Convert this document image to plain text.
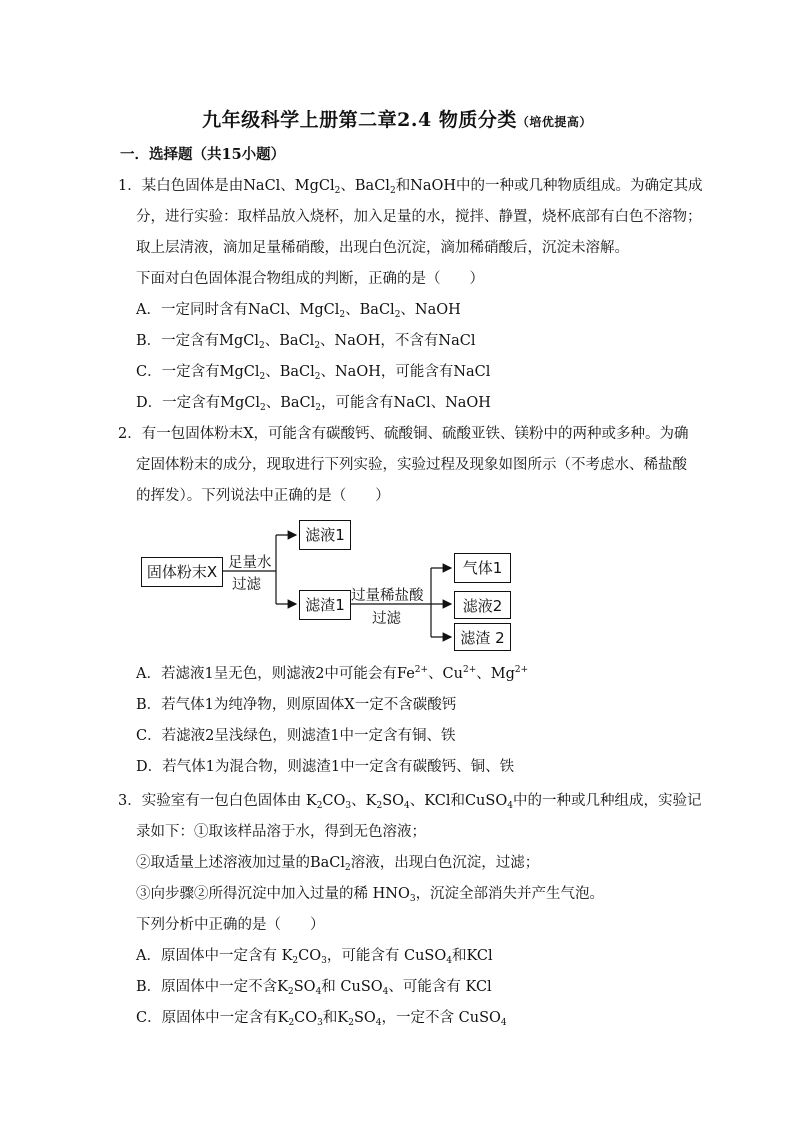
九年级科学上册第二章2.4 物质分类（培优提高）
一．选择题（共15小题）
1．某白色固体是由NaCl、MgCl$_2$、BaCl$_2$和NaOH中的一种或几种物质组成。为确定其成
分，进行实验：取样品放入烧杯，加入足量的水，搅拌、静置，烧杯底部有白色不溶物；
取上层清液，滴加足量稀硝酸，出现白色沉淀，滴加稀硝酸后，沉淀未溶解。
下面对白色固体混合物组成的判断，正确的是（　　）
A．一定同时含有NaCl、MgCl$_2$、BaCl$_2$、NaOH
B．一定含有MgCl$_2$、BaCl$_2$、NaOH，不含有NaCl
C．一定含有MgCl$_2$、BaCl$_2$、NaOH，可能含有NaCl
D．一定含有MgCl$_2$、BaCl$_2$，可能含有NaCl、NaOH
2．有一包固体粉末X，可能含有碳酸钙、硫酸铜、硫酸亚铁、镁粉中的两种或多种。为确
定固体粉末的成分，现取进行下列实验，实验过程及现象如图所示（不考虑水、稀盐酸
的挥发）。下列说法中正确的是（　　）
固体粉末X
滤液1
滤渣1
气体1
滤液2
滤渣 2
足量水
过滤
过量稀盐酸
过滤
A．若滤液1呈无色，则滤液2中可能会有$Fe^{2+}$、$Cu^{2+}$、$Mg^{2+}$
B．若气体1为纯净物，则原固体X一定不含碳酸钙
C．若滤液2呈浅绿色，则滤渣1中一定含有铜、铁
D．若气体1为混合物，则滤渣1中一定含有碳酸钙、铜、铁
3．实验室有一包白色固体由 $K_2CO_3$、$K_2SO_4$、KCl和CuSO$_4$中的一种或几种组成，实验记
录如下：①取该样品溶于水，得到无色溶液；
②取适量上述溶液加过量的BaCl$_2$溶液，出现白色沉淀，过滤；
③向步骤②所得沉淀中加入过量的稀 $HNO_3$，沉淀全部消失并产生气泡。
下列分析中正确的是（　　）
A．原固体中一定含有 $K_2CO_3$，可能含有 CuSO$_4$和KCl
B．原固体中一定不含$K_2SO_4$和 CuSO$_4$、可能含有 KCl
C．原固体中一定含有$K_2CO_3$和$K_2SO_4$，一定不含 CuSO$_4$
